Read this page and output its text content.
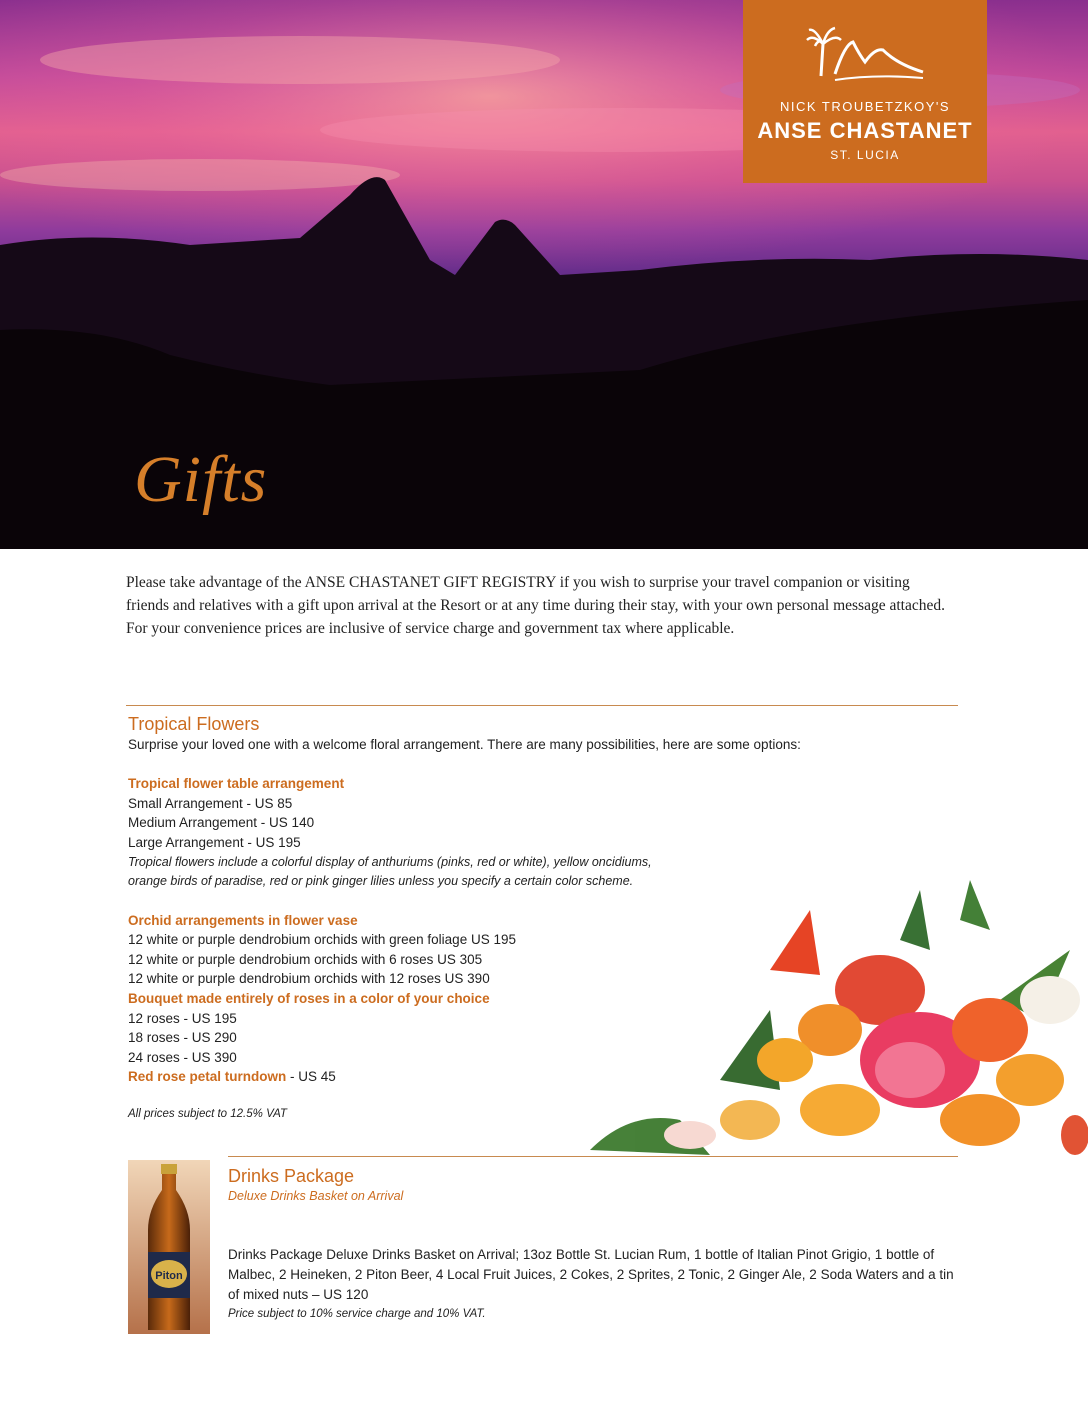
Gifts
NICK TROUBETZKOY'S
ANSE CHASTANET
ST. LUCIA
Please take advantage of the ANSE CHASTANET GIFT REGISTRY if you wish to surprise your travel companion or visiting friends and relatives with a gift upon arrival at the Resort or at any time during their stay, with your own personal message attached. For your convenience prices are inclusive of service charge and government tax where applicable.
Tropical Flowers
Surprise your loved one with a welcome floral arrangement. There are many possibilities, here are some options:
Tropical flower table arrangement
Small Arrangement - US 85
Medium Arrangement - US 140
Large Arrangement - US 195
Tropical flowers include a colorful display of anthuriums (pinks, red or white), yellow oncidiums,
orange birds of paradise, red or pink ginger lilies unless you specify a certain color scheme.
Orchid arrangements in flower vase
12 white or purple dendrobium orchids with green foliage US 195
12 white or purple dendrobium orchids with 6 roses US 305
12 white or purple dendrobium orchids with 12 roses US 390
Bouquet made entirely of roses in a color of your choice
12 roses - US 195
18 roses - US 290
24 roses - US 390
Red rose petal turndown - US 45
All prices subject to 12.5% VAT
Piton
Drinks Package
Deluxe Drinks Basket on Arrival
Drinks Package Deluxe Drinks Basket on Arrival; 13oz Bottle St. Lucian Rum, 1 bottle of Italian Pinot Grigio, 1 bottle of Malbec, 2 Heineken, 2 Piton Beer, 4 Local Fruit Juices, 2 Cokes, 2 Sprites, 2 Tonic, 2 Ginger Ale, 2 Soda Waters and a tin of mixed nuts – US 120
Price subject to 10% service charge and 10% VAT.
